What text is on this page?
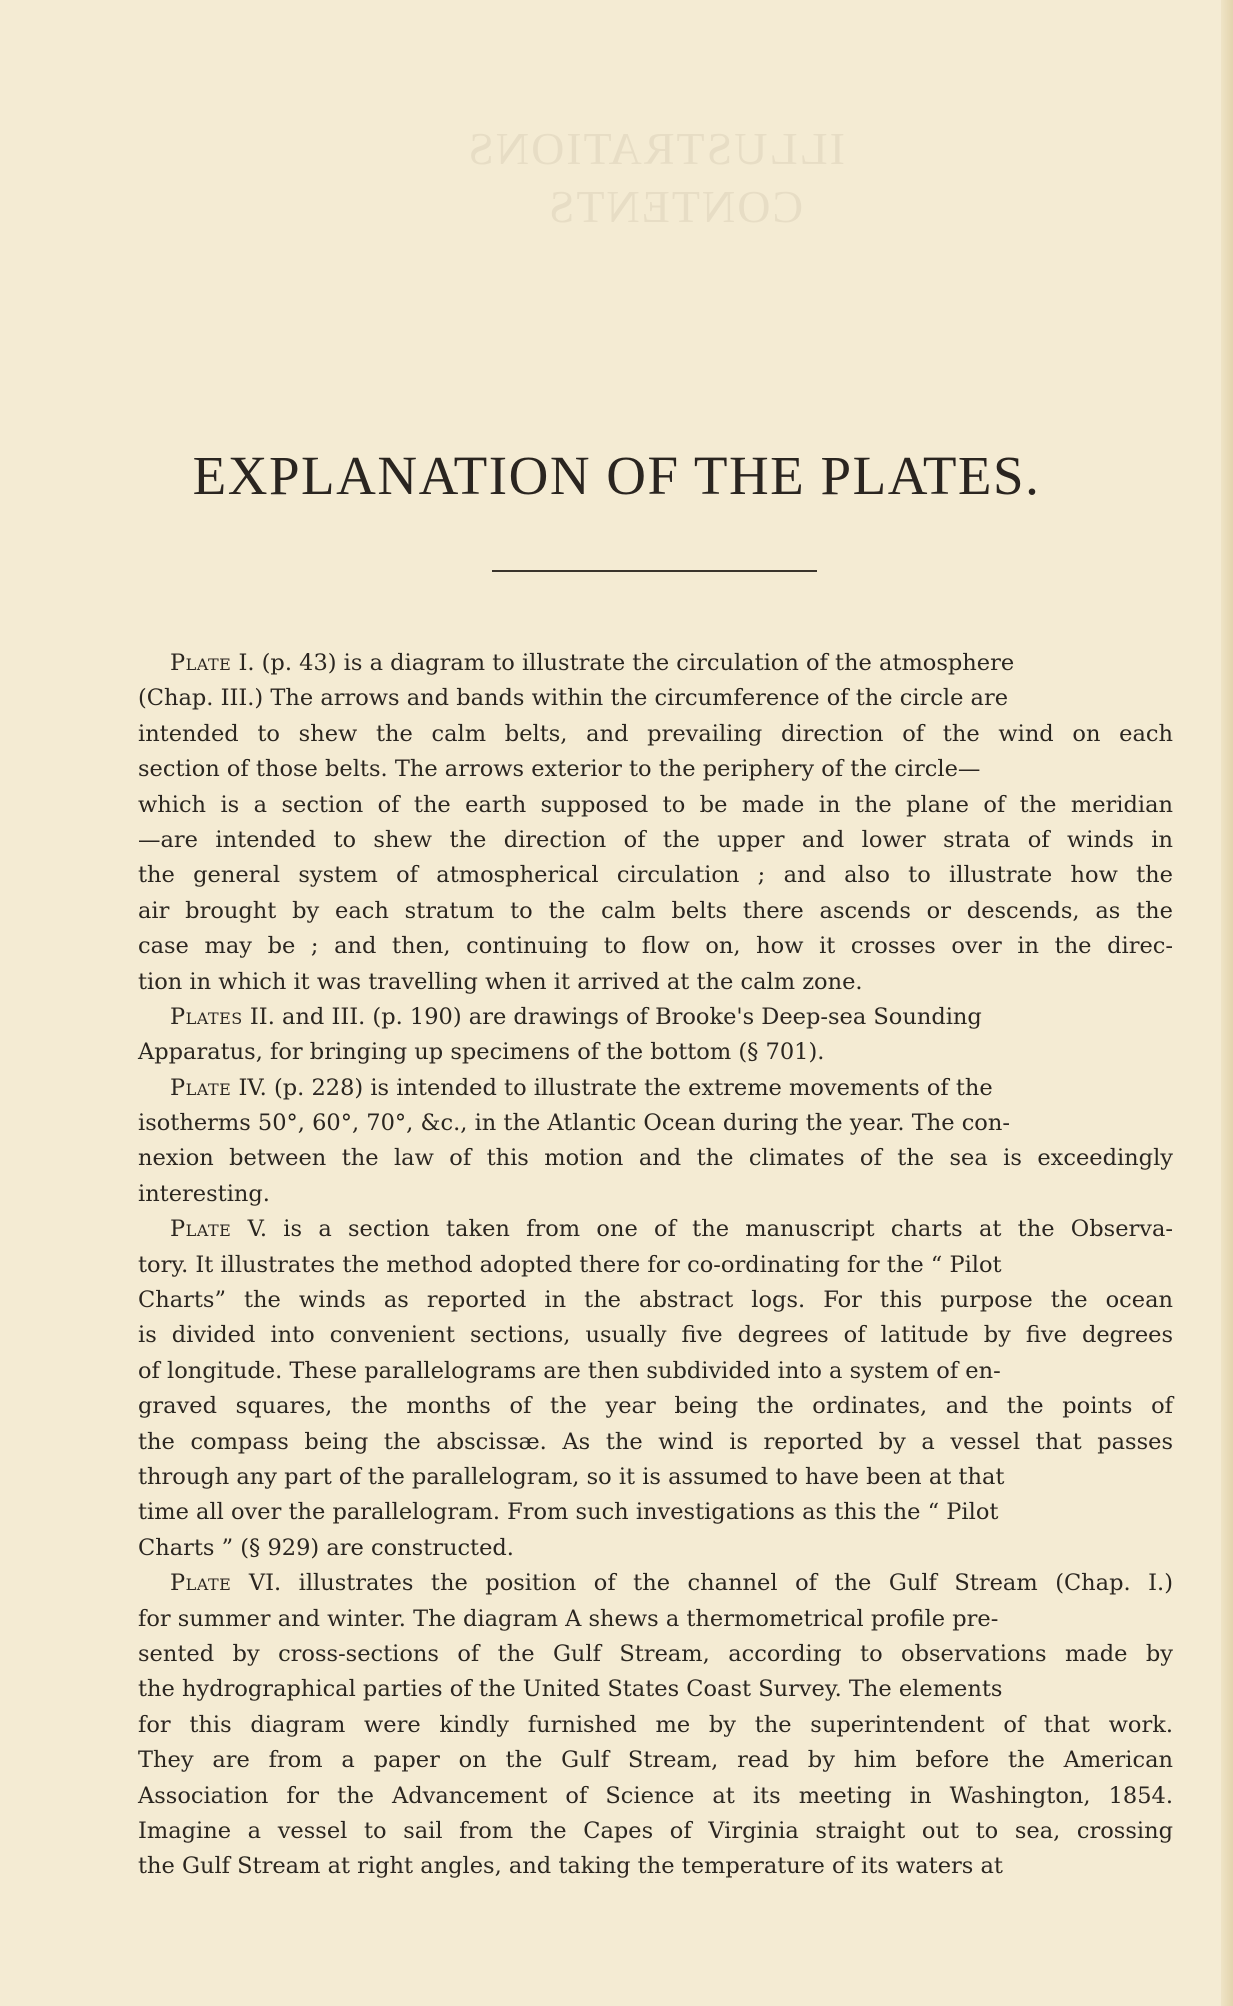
ILLUSTRATIONS
CONTENTS
EXPLANATION OF THE PLATES.
Plate I. (p. 43) is a diagram to illustrate the circulation of the atmosphere
(Chap. III.) The arrows and bands within the circumference of the circle are
intended to shew the calm belts, and prevailing direction of the wind on each
section of those belts. The arrows exterior to the periphery of the circle—
which is a section of the earth supposed to be made in the plane of the meridian
—are intended to shew the direction of the upper and lower strata of winds in
the general system of atmospherical circulation ; and also to illustrate how the
air brought by each stratum to the calm belts there ascends or descends, as the
case may be ; and then, continuing to flow on, how it crosses over in the direc-
tion in which it was travelling when it arrived at the calm zone.
Plates II. and III. (p. 190) are drawings of Brooke's Deep-sea Sounding
Apparatus, for bringing up specimens of the bottom (§ 701).
Plate IV. (p. 228) is intended to illustrate the extreme movements of the
isotherms 50°, 60°, 70°, &c., in the Atlantic Ocean during the year. The con-
nexion between the law of this motion and the climates of the sea is exceedingly
interesting.
Plate V. is a section taken from one of the manuscript charts at the Observa-
tory. It illustrates the method adopted there for co-ordinating for the “ Pilot
Charts” the winds as reported in the abstract logs. For this purpose the ocean
is divided into convenient sections, usually five degrees of latitude by five degrees
of longitude. These parallelograms are then subdivided into a system of en-
graved squares, the months of the year being the ordinates, and the points of
the compass being the abscissæ. As the wind is reported by a vessel that passes
through any part of the parallelogram, so it is assumed to have been at that
time all over the parallelogram. From such investigations as this the “ Pilot
Charts ” (§ 929) are constructed.
Plate VI. illustrates the position of the channel of the Gulf Stream (Chap. I.)
for summer and winter. The diagram A shews a thermometrical profile pre-
sented by cross-sections of the Gulf Stream, according to observations made by
the hydrographical parties of the United States Coast Survey. The elements
for this diagram were kindly furnished me by the superintendent of that work.
They are from a paper on the Gulf Stream, read by him before the American
Association for the Advancement of Science at its meeting in Washington, 1854.
Imagine a vessel to sail from the Capes of Virginia straight out to sea, crossing
the Gulf Stream at right angles, and taking the temperature of its waters at
